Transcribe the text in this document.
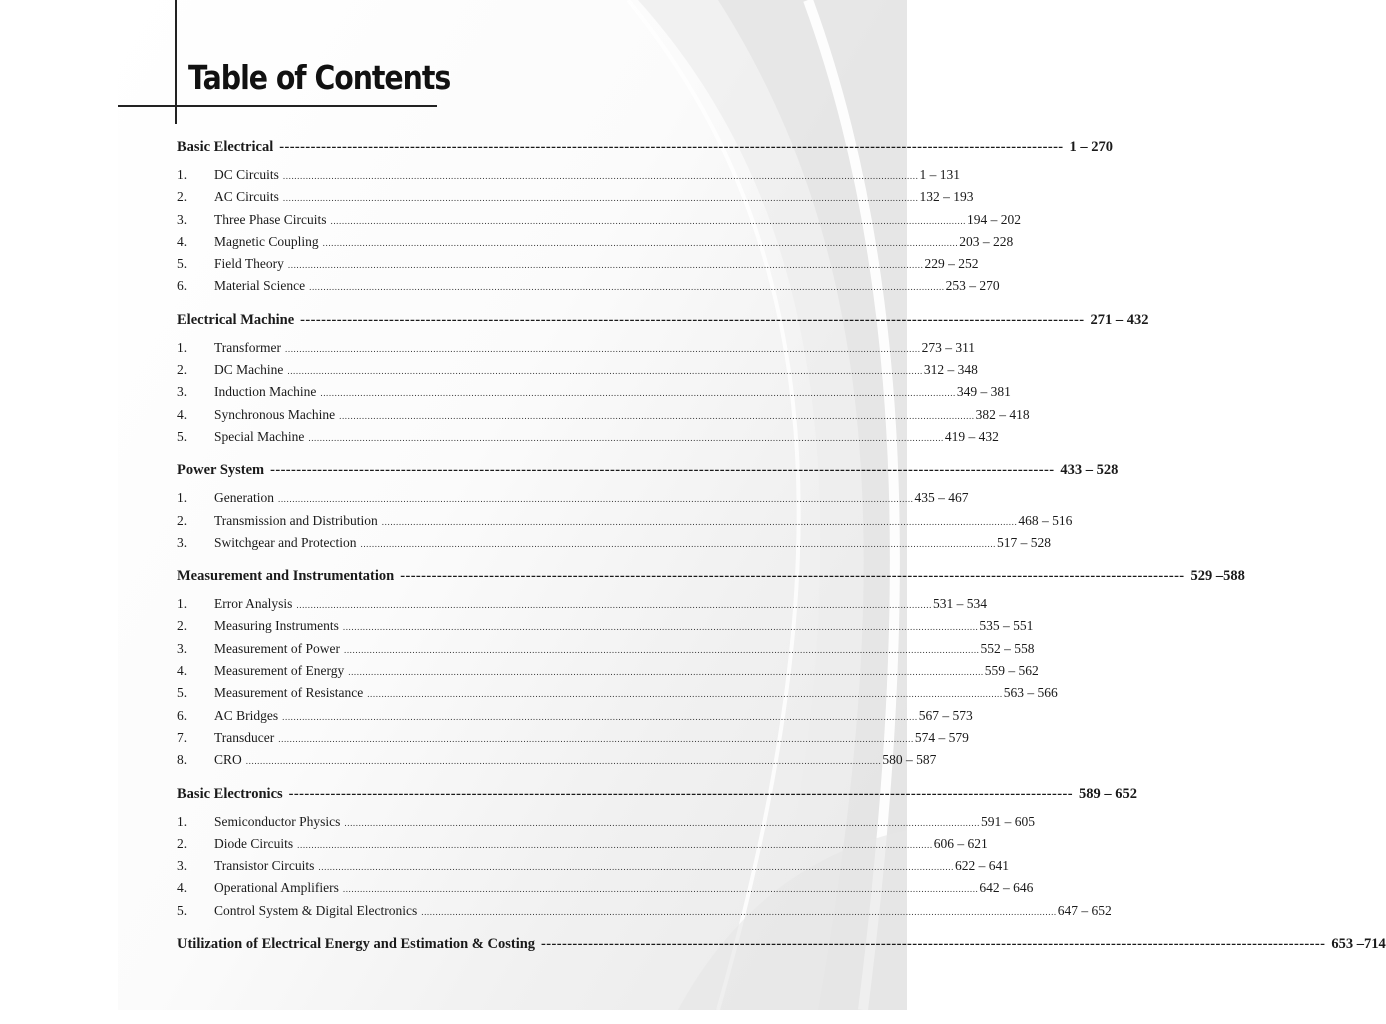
Table of Contents
Basic Electrical ------------------------------------------------------------------------------------------------------------------------------------------------------ 1 – 270
1.	DC Circuits ............................................................................................................................................................................................................................... 1 – 131
2.	AC Circuits ............................................................................................................................................................................................................................... 132 – 193
3.	Three Phase Circuits ............................................................................................................................................................................................................................... 194 – 202
4.	Magnetic Coupling ............................................................................................................................................................................................................................... 203 – 228
5.	Field Theory ............................................................................................................................................................................................................................... 229 – 252
6.	Material Science ............................................................................................................................................................................................................................... 253 – 270
Electrical Machine ------------------------------------------------------------------------------------------------------------------------------------------------------ 271 – 432
1.	Transformer ............................................................................................................................................................................................................................... 273 – 311
2.	DC Machine ............................................................................................................................................................................................................................... 312 – 348
3.	Induction Machine ............................................................................................................................................................................................................................... 349 – 381
4.	Synchronous Machine ............................................................................................................................................................................................................................... 382 – 418
5.	Special Machine ............................................................................................................................................................................................................................... 419 – 432
Power System ------------------------------------------------------------------------------------------------------------------------------------------------------ 433 – 528
1.	Generation ............................................................................................................................................................................................................................... 435 – 467
2.	Transmission and Distribution ............................................................................................................................................................................................................................... 468 – 516
3.	Switchgear and Protection ............................................................................................................................................................................................................................... 517 – 528
Measurement and Instrumentation ------------------------------------------------------------------------------------------------------------------------------------------------------ 529 –588
1.	Error Analysis ............................................................................................................................................................................................................................... 531 – 534
2.	Measuring Instruments ............................................................................................................................................................................................................................... 535 – 551
3.	Measurement of Power ............................................................................................................................................................................................................................... 552 – 558
4.	Measurement of Energy ............................................................................................................................................................................................................................... 559 – 562
5.	Measurement of Resistance ............................................................................................................................................................................................................................... 563 – 566
6.	AC Bridges ............................................................................................................................................................................................................................... 567 – 573
7.	Transducer ............................................................................................................................................................................................................................... 574 – 579
8.	CRO ............................................................................................................................................................................................................................... 580 – 587
Basic Electronics ------------------------------------------------------------------------------------------------------------------------------------------------------ 589 – 652
1.	Semiconductor Physics ............................................................................................................................................................................................................................... 591 – 605
2.	Diode Circuits ............................................................................................................................................................................................................................... 606 – 621
3.	Transistor Circuits ............................................................................................................................................................................................................................... 622 – 641
4.	Operational Amplifiers ............................................................................................................................................................................................................................... 642 – 646
5.	Control System & Digital Electronics ............................................................................................................................................................................................................................... 647 – 652
Utilization of Electrical Energy and Estimation & Costing ------------------------------------------------------------------------------------------------------------------------------------------------------ 653 –714
